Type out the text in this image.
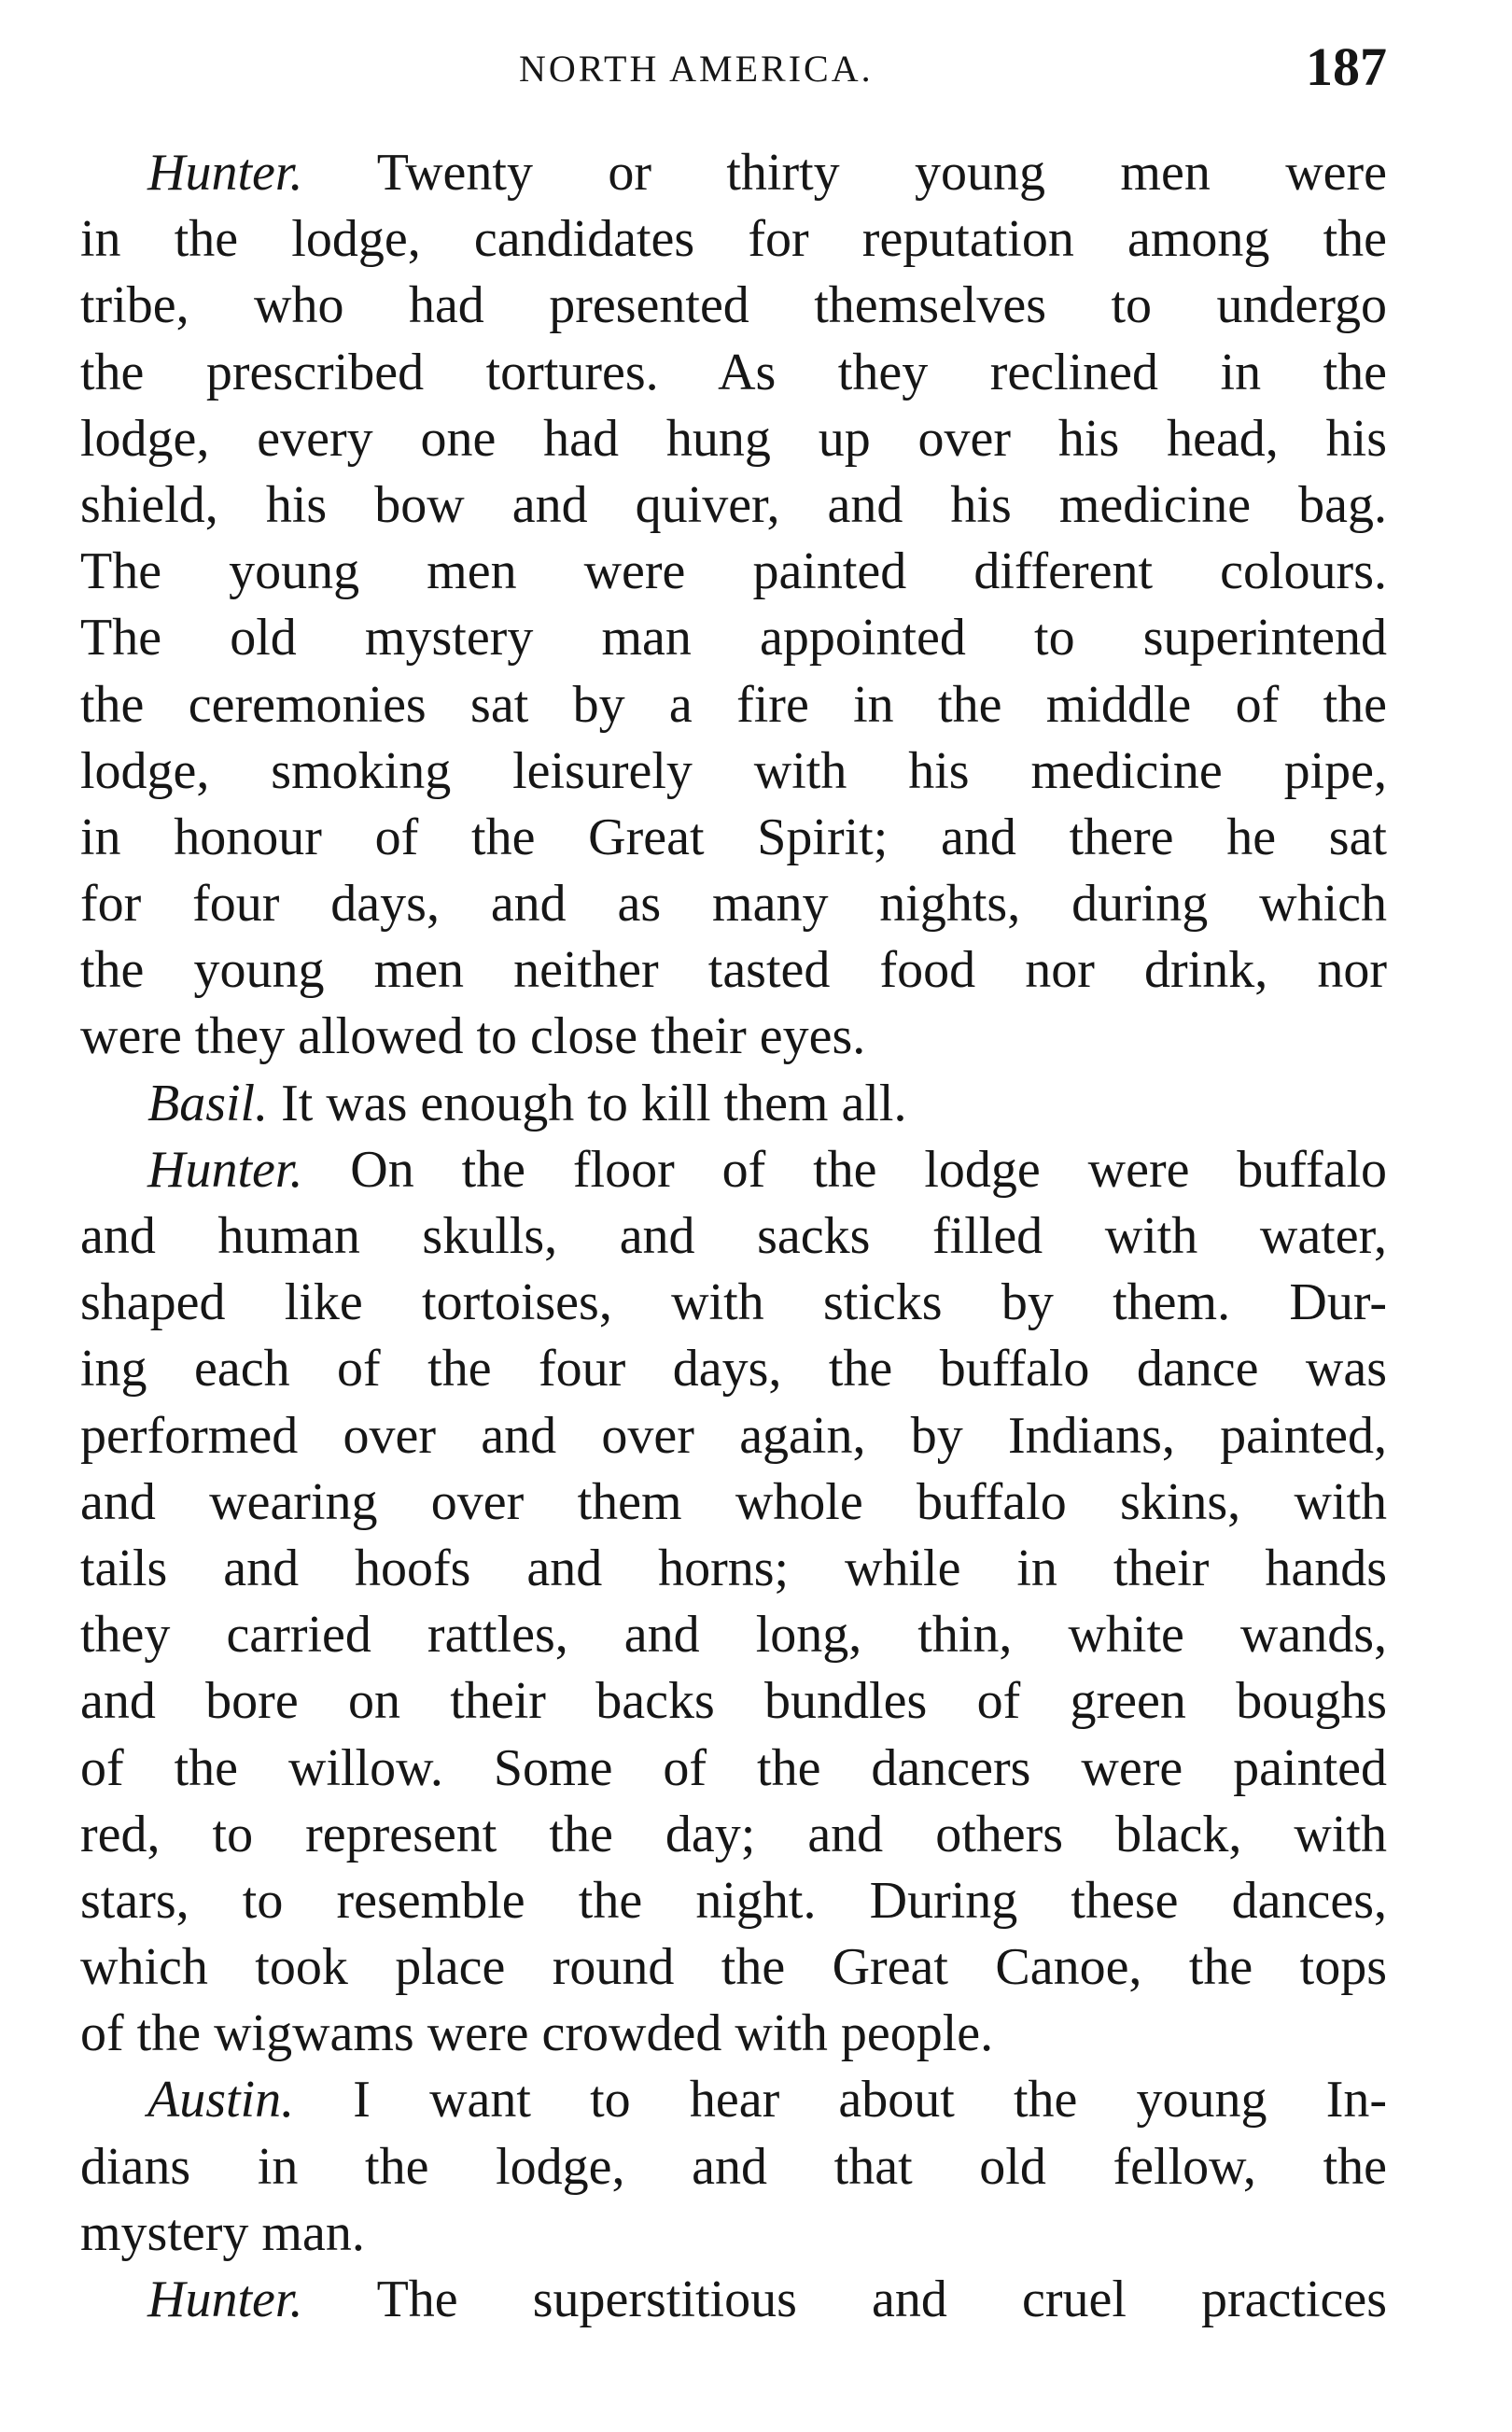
NORTH AMERICA.	187
Hunter. Twenty or thirty young men were
in the lodge, candidates for reputation among the
tribe, who had presented themselves to undergo
the prescribed tortures. As they reclined in the
lodge, every one had hung up over his head, his
shield, his bow and quiver, and his medicine bag.
The young men were painted different colours.
The old mystery man appointed to superintend
the ceremonies sat by a fire in the middle of the
lodge, smoking leisurely with his medicine pipe,
in honour of the Great Spirit; and there he sat
for four days, and as many nights, during which
the young men neither tasted food nor drink, nor
were they allowed to close their eyes.
Basil. It was enough to kill them all.
Hunter. On the floor of the lodge were buffalo
and human skulls, and sacks filled with water,
shaped like tortoises, with sticks by them. Dur-
ing each of the four days, the buffalo dance was
performed over and over again, by Indians, painted,
and wearing over them whole buffalo skins, with
tails and hoofs and horns; while in their hands
they carried rattles, and long, thin, white wands,
and bore on their backs bundles of green boughs
of the willow. Some of the dancers were painted
red, to represent the day; and others black, with
stars, to resemble the night. During these dances,
which took place round the Great Canoe, the tops
of the wigwams were crowded with people.
Austin. I want to hear about the young In-
dians in the lodge, and that old fellow, the
mystery man.
Hunter. The superstitious and cruel practices
